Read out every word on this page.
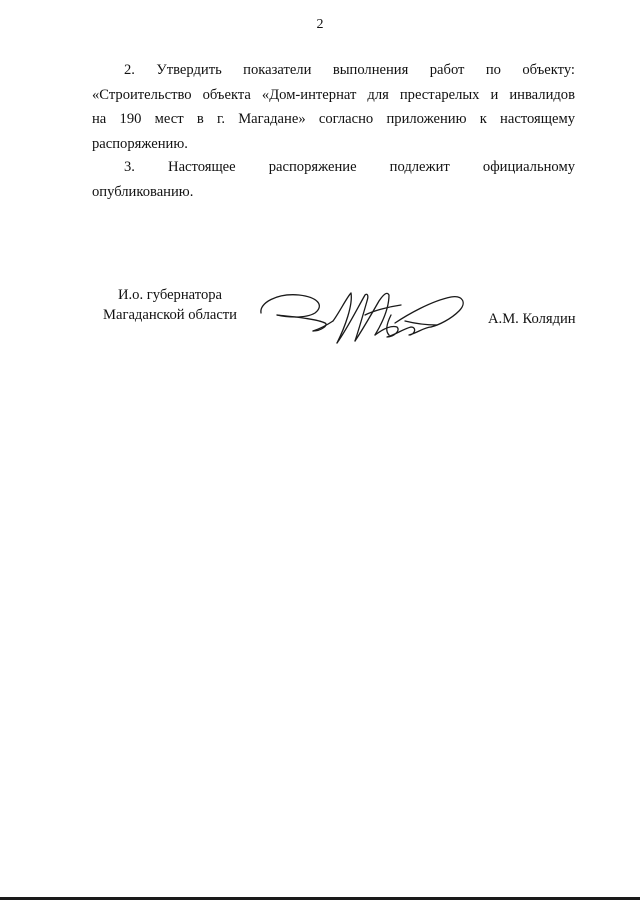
2
2. Утвердить показатели выполнения работ по объекту:
«Строительство объекта «Дом-интернат для престарелых и инвалидов
на 190 мест в г. Магадане» согласно приложению к настоящему
распоряжению.
3. Настоящее распоряжение подлежит официальному
опубликованию.
И.о. губернатора
Магаданской области	А.М. Колядин
